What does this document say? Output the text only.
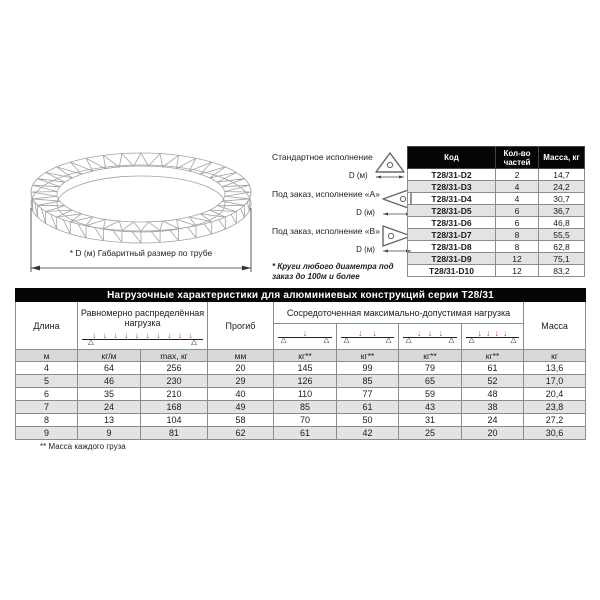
* D (м) Габаритный размер по трубе
Стандартное исполнение
D (м)
Под заказ, исполнение «А»
D (м)
Под заказ, исполнение «В»
D (м)
* Круги любого диаметра под заказ до 100м и более
Код	Кол-во частей	Масса, кг
T28/31-D2	2	14,7
T28/31-D3	4	24,2
T28/31-D4	4	30,7
T28/31-D5	6	36,7
T28/31-D6	6	46,8
T28/31-D7	8	55,5
T28/31-D8	8	62,8
T28/31-D9	12	75,1
T28/31-D10	12	83,2
Нагрузочные характеристики для алюминиевых конструкций серии Т28/31								
Длина	
Равномерно распределённая нагрузка
↓ ↓ ↓ ↓ ↓ ↓ ↓ ↓ ↓ ↓
△	△
	Прогиб	Сосредоточенная максимально-допустимая нагрузка	Масса

↓
△	△

↓ ↓
△	△

↓ ↓ ↓
△	△

↓ ↓ ↓ ↓
△	△

м	кг/м	max, кг	мм	кг**	кг**	кг**	кг**	кг
4	64	256	20	145	99	79	61	13,6
5	46	230	29	126	85	65	52	17,0
6	35	210	40	110	77	59	48	20,4
7	24	168	49	85	61	43	38	23,8
8	13	104	58	70	50	31	24	27,2
9	9	81	62	61	42	25	20	30,6
** Масса каждого груза
